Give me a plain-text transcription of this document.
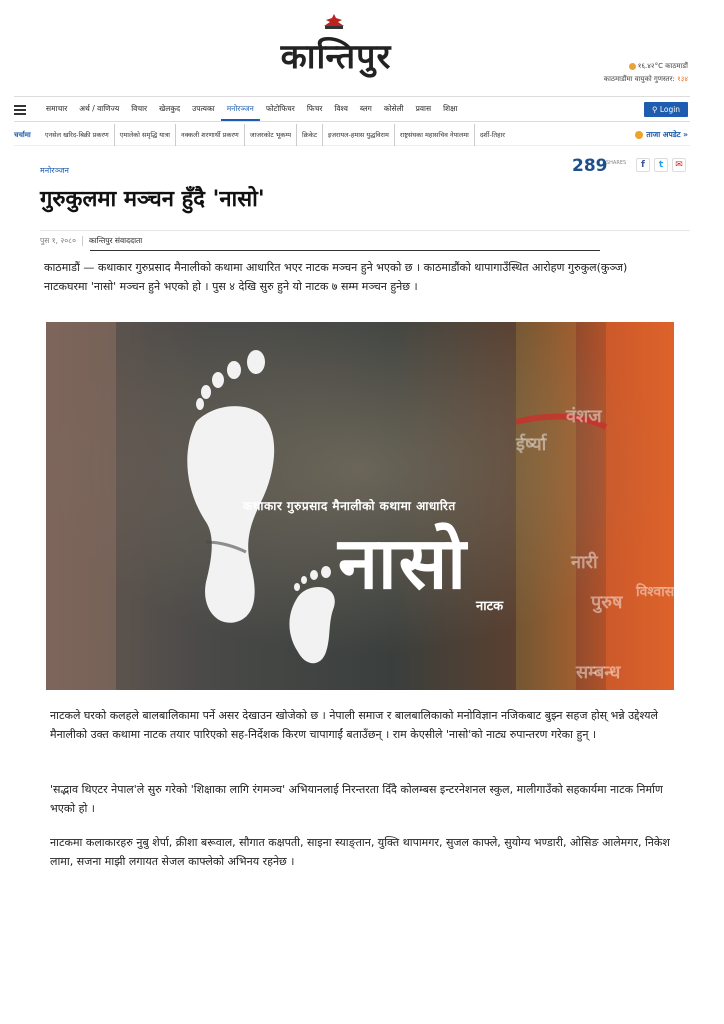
कान्तिपुर	१६.४२°C काठमाडौं
काठमाडौंमा वायुको गुणस्तर: १३४
समाचार	अर्थ / वाणिज्य	विचार	खेलकुद	उपत्यका	मनोरञ्जन	फोटोफिचर	फिचर	विश्व	ब्लग	कोसेली	प्रवास	शिक्षा	⚲ Login
चर्चामा	एनसेल खरिद-बिक्री प्रकरण	एमालेको समृद्धि यात्रा	नक्कली शरणार्थी प्रकरण	जाजरकोट भूकम्प	क्रिकेट	इजरायल-हमास युद्धविराम	राष्ट्रसंघका महासचिव नेपालमा	दर्शी-तिहार	ताजा अपडेट »
मनोरञ्जन
गुरुकुलमा मञ्चन हुँदै 'नासो'
289
SHARES	f	t	✉
पुस १, २०८० कान्तिपुर संवाददाता

काठमाडौं — कथाकार गुरुप्रसाद मैनालीको कथामा आधारित भएर नाटक मञ्चन हुने भएको छ । काठमाडौंको थापागाउँस्थित आरोहण गुरुकुल(कुञ्ज) नाटकघरमा 'नासो' मञ्चन हुने भएको हो । पुस ४ देखि सुरु हुने यो नाटक ७ सम्म मञ्चन हुनेछ ।

वंशज
ईर्ष्या
नारी
पुरुष
सम्बन्ध
विश्वास
कथाकार गुरुप्रसाद मैनालीको कथामा आधारित
नासो
नाटक

नाटकले घरको कलहले बालबालिकामा पर्ने असर देखाउन खोजेको छ । नेपाली समाज र बालबालिकाको मनोविज्ञान नजिकबाट बुझ्न सहज होस् भन्ने उद्देश्यले मैनालीको उक्त कथामा नाटक तयार पारिएको सह-निर्देशक किरण चापागाईं बताउँछन् । राम केएसीले 'नासो'को नाट्य रुपान्तरण गरेका हुन् ।

'सद्भाव थिएटर नेपाल'ले सुरु गरेको 'शिक्षाका लागि रंगमञ्च' अभियानलाई निरन्तरता दिँदै कोलम्बस इन्टरनेशनल स्कुल, मालीगाउँको सहकार्यमा नाटक निर्माण भएको हो ।

नाटकमा कलाकारहरु नुबु शेर्पा, क्रीशा बरूवाल, सौगात कक्षपती, साइना स्याङ्तान, युक्ति थापामगर, सुजल काफ्ले, सुयोग्य भण्डारी, ओसिङ आलेमगर, निकेश लामा, सजना माझी लगायत सेजल काफ्लेको अभिनय रहनेछ ।
